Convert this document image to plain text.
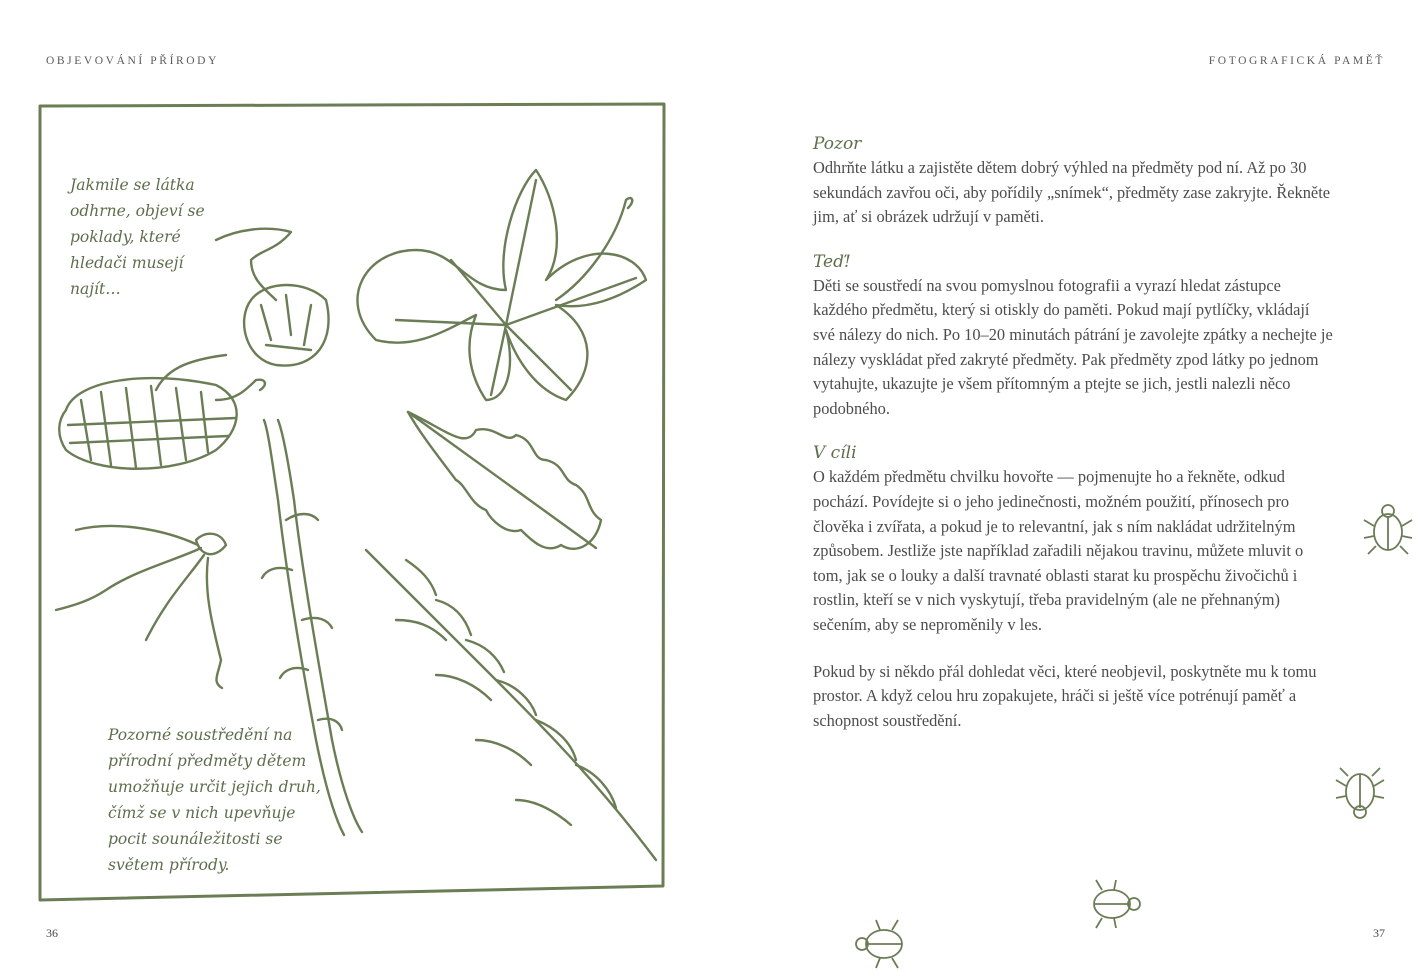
OBJEVOVÁNÍ PŘÍRODY	FOTOGRAFICKÁ PAMĚŤ
Jakmile se látka odhrne, objeví se poklady, které hledači musejí najít…
Pozorné soustředění na přírodní předměty dětem umožňuje určit jejich druh, čímž se v nich upevňuje pocit sounáležitosti se světem přírody.
Pozor

Odhrňte látku a zajistěte dětem dobrý výhled na předměty pod ní. Až po 30 sekundách zavřou oči, aby pořídily „snímek“, předměty zase zakryjte. Řekněte jim, ať si obrázek udržují v paměti.

Teď!

Děti se soustředí na svou pomyslnou fotografii a vyrazí hledat zástupce každého předmětu, který si otiskly do paměti. Pokud mají pytlíčky, vkládají své nálezy do nich. Po 10–20 minutách pátrání je zavolejte zpátky a nechejte je nálezy vyskládat před zakryté předměty. Pak předměty zpod látky po jednom vytahujte, ukazujte je všem přítomným a ptejte se jich, jestli nalezli něco podobného.

V cíli

O každém předmětu chvilku hovořte — pojmenujte ho a řekněte, odkud pochází. Povídejte si o jeho jedinečnosti, možném použití, přínosech pro člověka i zvířata, a pokud je to relevantní, jak s ním nakládat udržitelným způsobem. Jestliže jste například zařadili nějakou travinu, můžete mluvit o tom, jak se o louky a další travnaté oblasti starat ku prospěchu živočichů i rostlin, kteří se v nich vyskytují, třeba pravidelným (ale ne přehnaným) sečením, aby se neproměnily v les.

Pokud by si někdo přál dohledat věci, které neobjevil, poskytněte mu k tomu prostor. A když celou hru zopakujete, hráči si ještě více potrénují paměť a schopnost soustředění.

36	37
